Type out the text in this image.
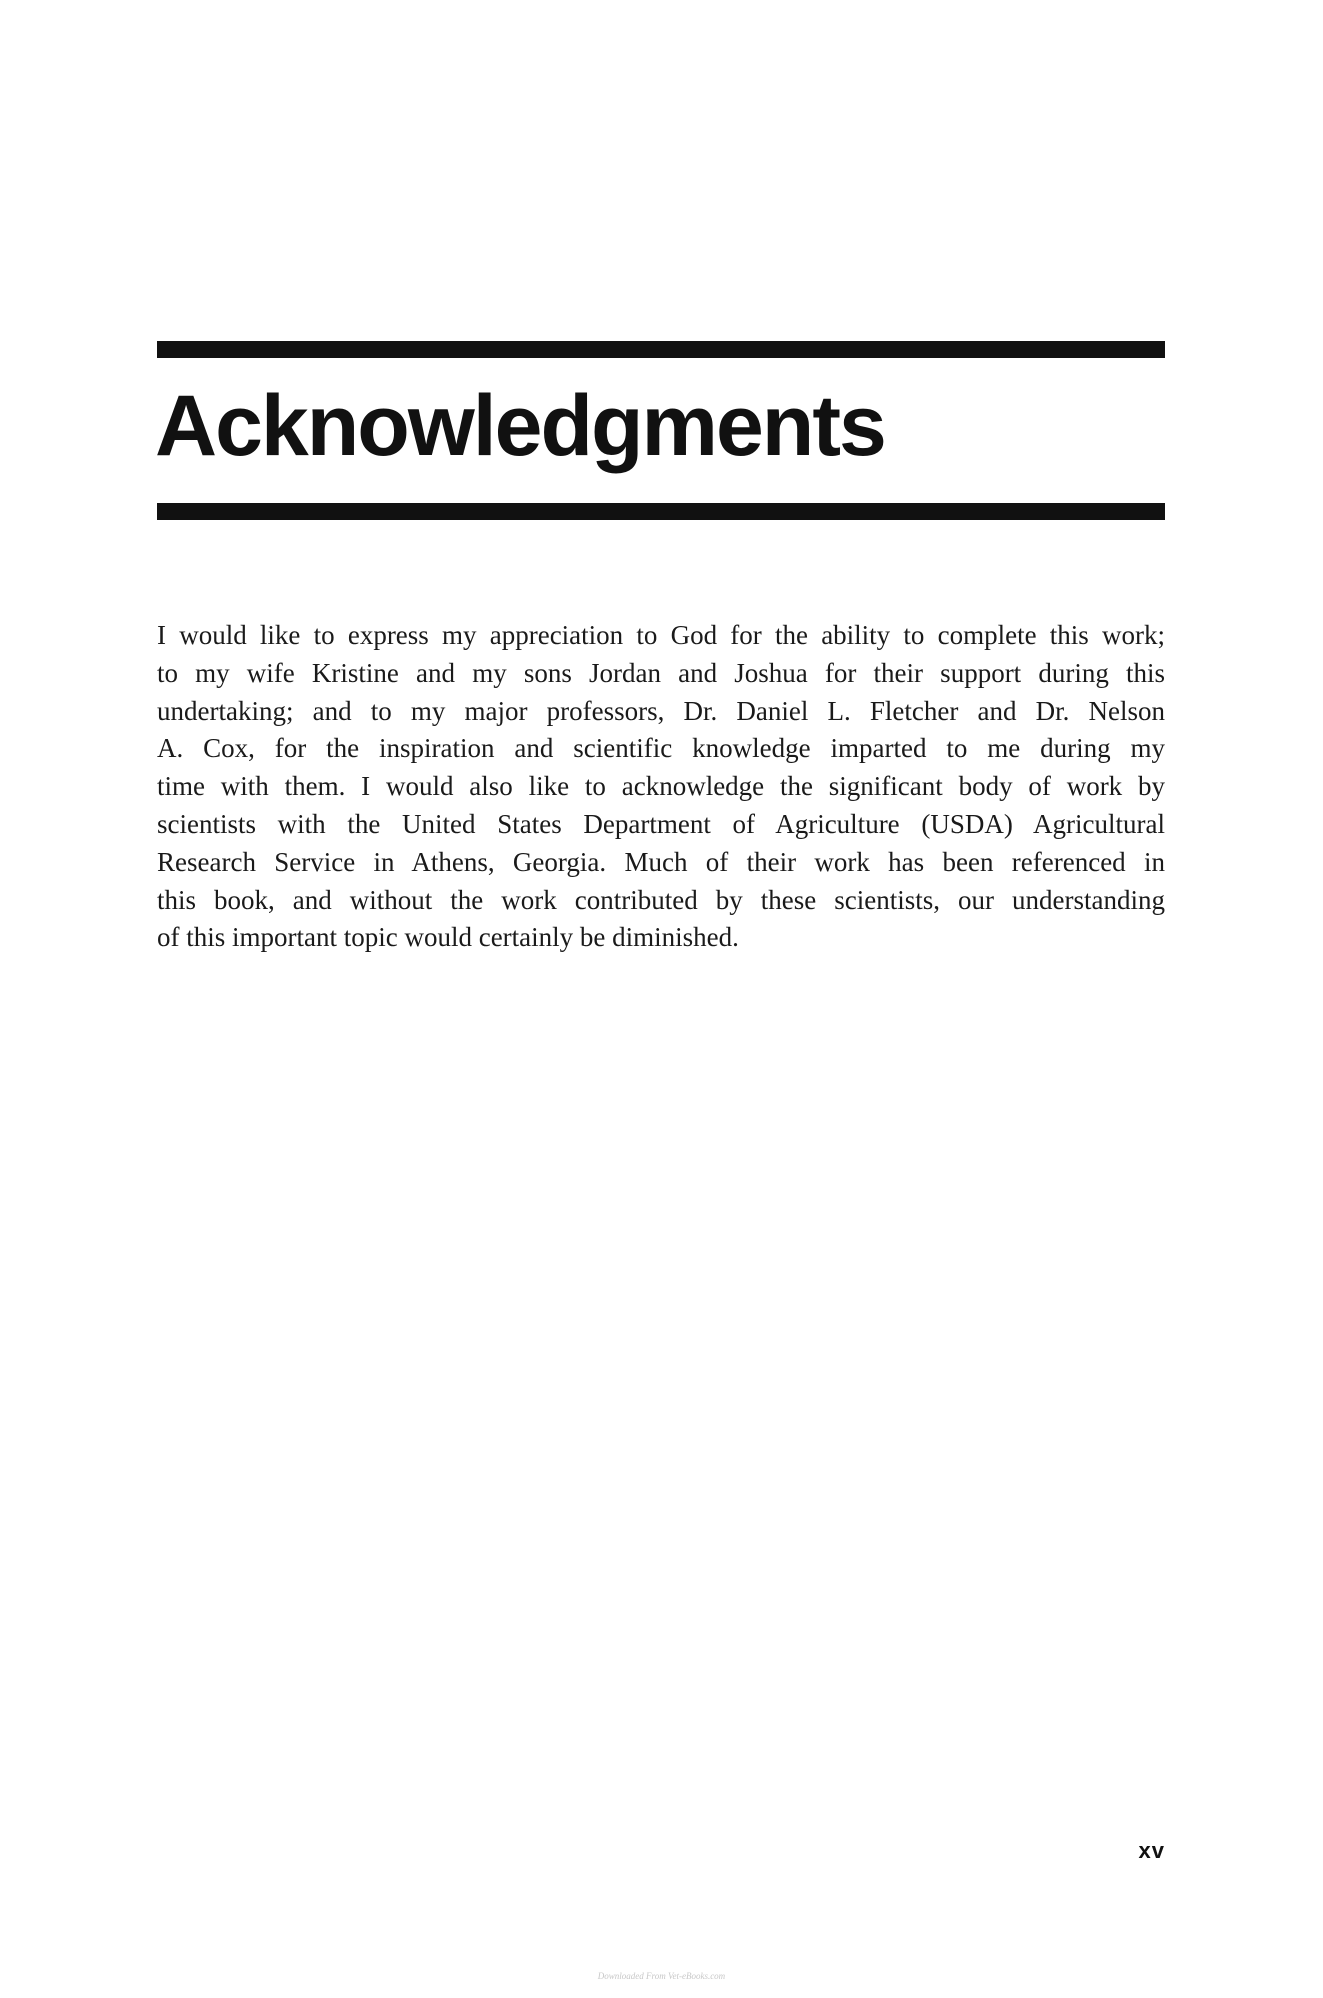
Acknowledgments
I would like to express my appreciation to God for the ability to complete this work;
to my wife Kristine and my sons Jordan and Joshua for their support during this
undertaking; and to my major professors, Dr. Daniel L. Fletcher and Dr. Nelson
A. Cox, for the inspiration and scientific knowledge imparted to me during my
time with them. I would also like to acknowledge the significant body of work by
scientists with the United States Department of Agriculture (USDA) Agricultural
Research Service in Athens, Georgia. Much of their work has been referenced in
this book, and without the work contributed by these scientists, our understanding
of this important topic would certainly be diminished.

xv

Downloaded From Vet-eBooks.com
